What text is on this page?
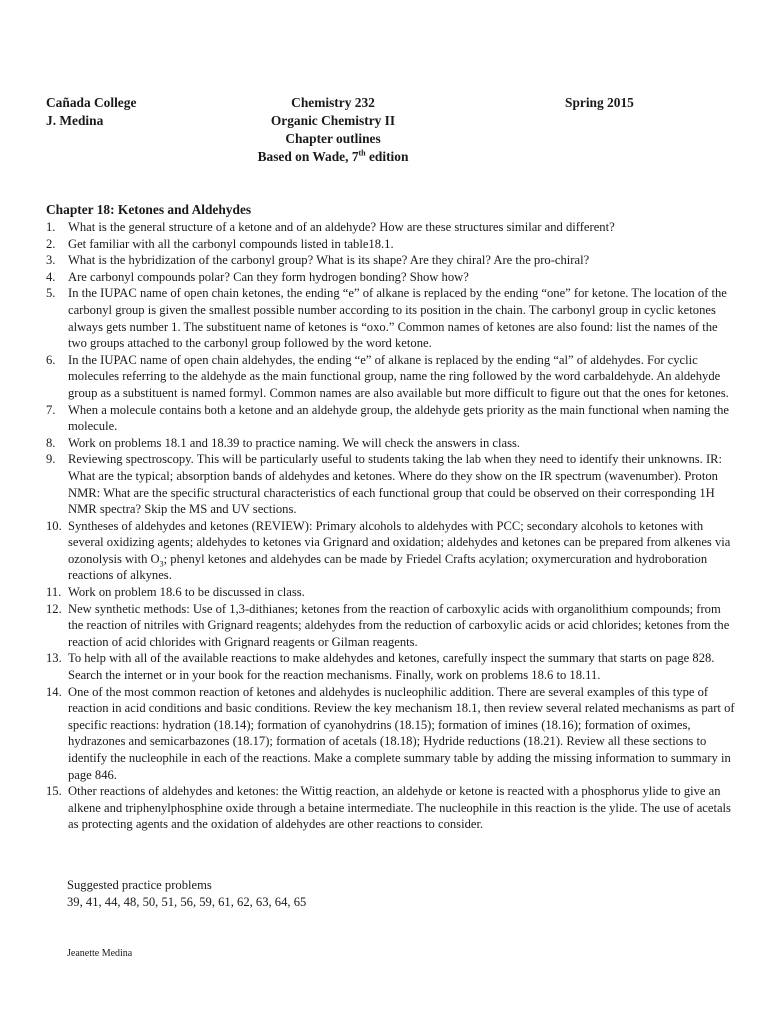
Cañada College
J. Medina
Chemistry 232
Organic Chemistry II
Chapter outlines
Based on Wade, 7th edition
Spring 2015
Chapter 18: Ketones and Aldehydes
1. What is the general structure of a ketone and of an aldehyde? How are these structures similar and different?
2. Get familiar with all the carbonyl compounds listed in table18.1.
3. What is the hybridization of the carbonyl group? What is its shape? Are they chiral? Are the pro-chiral?
4. Are carbonyl compounds polar? Can they form hydrogen bonding? Show how?
5. In the IUPAC name of open chain ketones, the ending “e” of alkane is replaced by the ending “one” for ketone. The location of the carbonyl group is given the smallest possible number according to its position in the chain. The carbonyl group in cyclic ketones always gets number 1. The substituent name of ketones is “oxo.” Common names of ketones are also found: list the names of the two groups attached to the carbonyl group followed by the word ketone.
6. In the IUPAC name of open chain aldehydes, the ending “e” of alkane is replaced by the ending “al” of aldehydes. For cyclic molecules referring to the aldehyde as the main functional group, name the ring followed by the word carbaldehyde. An aldehyde group as a substituent is named formyl. Common names are also available but more difficult to figure out that the ones for ketones.
7. When a molecule contains both a ketone and an aldehyde group, the aldehyde gets priority as the main functional when naming the molecule.
8. Work on problems 18.1 and 18.39 to practice naming. We will check the answers in class.
9. Reviewing spectroscopy. This will be particularly useful to students taking the lab when they need to identify their unknowns. IR: What are the typical; absorption bands of aldehydes and ketones. Where do they show on the IR spectrum (wavenumber). Proton NMR: What are the specific structural characteristics of each functional group that could be observed on their corresponding 1H NMR spectra? Skip the MS and UV sections.
10. Syntheses of aldehydes and ketones (REVIEW): Primary alcohols to aldehydes with PCC; secondary alcohols to ketones with several oxidizing agents; aldehydes to ketones via Grignard and oxidation; aldehydes and ketones can be prepared from alkenes via ozonolysis with $O_3$; phenyl ketones and aldehydes can be made by Friedel Crafts acylation; oxymercuration and hydroboration reactions of alkynes.
11. Work on problem 18.6 to be discussed in class.
12. New synthetic methods: Use of 1,3-dithianes; ketones from the reaction of carboxylic acids with organolithium compounds; from the reaction of nitriles with Grignard reagents; aldehydes from the reduction of carboxylic acids or acid chlorides; ketones from the reaction of acid chlorides with Grignard reagents or Gilman reagents.
13. To help with all of the available reactions to make aldehydes and ketones, carefully inspect the summary that starts on page 828. Search the internet or in your book for the reaction mechanisms. Finally, work on problems 18.6 to 18.11.
14. One of the most common reaction of ketones and aldehydes is nucleophilic addition. There are several examples of this type of reaction in acid conditions and basic conditions. Review the key mechanism 18.1, then review several related mechanisms as part of specific reactions: hydration (18.14); formation of cyanohydrins (18.15); formation of imines (18.16); formation of oximes, hydrazones and semicarbazones (18.17); formation of acetals (18.18); Hydride reductions (18.21). Review all these sections to identify the nucleophile in each of the reactions. Make a complete summary table by adding the missing information to summary in page 846.
15. Other reactions of aldehydes and ketones: the Wittig reaction, an aldehyde or ketone is reacted with a phosphorus ylide to give an alkene and triphenylphosphine oxide through a betaine intermediate. The nucleophile in this reaction is the ylide. The use of acetals as protecting agents and the oxidation of aldehydes are other reactions to consider.
Suggested practice problems
39, 41, 44, 48, 50, 51, 56, 59, 61, 62, 63, 64, 65
Jeanette Medina
